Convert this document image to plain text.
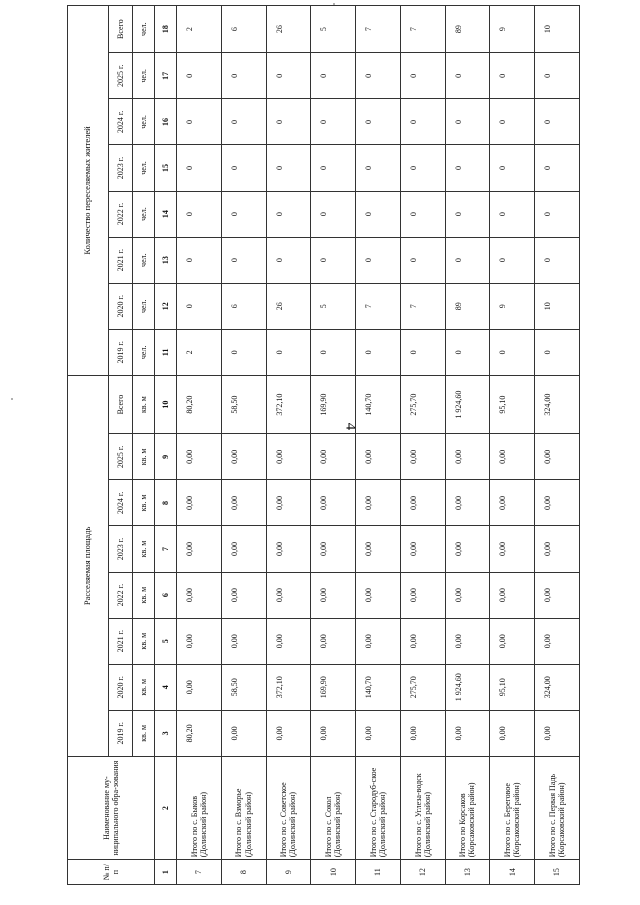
4
№ п/п	Наименование му-ниципального обра-зования	Расселяемая площадь								Количество переселяемых жителей							
		2019 г.	2020 г.	2021 г.	2022 г.	2023 г.	2024 г.	2025 г.	Всего	2019 г.	2020 г.	2021 г.	2022 г.	2023 г.	2024 г.	2025 г.	Всего
		кв. м	кв. м	кв. м	кв. м	кв. м	кв. м	кв. м	кв. м	чел.	чел.	чел.	чел.	чел.	чел.	чел.	чел.
1	2	3	4	5	6	7	8	9	10	11	12	13	14	15	16	17	18
7	Итого по с. Быков (Долинский район)	80,20	0,00	0,00	0,00	0,00	0,00	0,00	80,20	2	0	0	0	0	0	0	2
8	Итого по с. Взморье (Долинский район)	0,00	58,50	0,00	0,00	0,00	0,00	0,00	58,50	0	6	0	0	0	0	0	6
9	Итого по с. Советское (Долинский район)	0,00	372,10	0,00	0,00	0,00	0,00	0,00	372,10	0	26	0	0	0	0	0	26
10	Итого по с. Сокол (Долинский район)	0,00	169,90	0,00	0,00	0,00	0,00	0,00	169,90	0	5	0	0	0	0	0	5
11	Итого по с. Стародуб-ское (Долинский район)	0,00	140,70	0,00	0,00	0,00	0,00	0,00	140,70	0	7	0	0	0	0	0	7
12	Итого по с. Углеза-водск (Долинский район)	0,00	275,70	0,00	0,00	0,00	0,00	0,00	275,70	0	7	0	0	0	0	0	7
13	Итого по Корсаков (Корсаковский район)	0,00	1 924,60	0,00	0,00	0,00	0,00	0,00	1 924,60	0	89	0	0	0	0	0	89
14	Итого по с. Береговое (Корсаковский район)	0,00	95,10	0,00	0,00	0,00	0,00	0,00	95,10	0	9	0	0	0	0	0	9
15	Итого по с. Первая Падь (Корсаковский район)	0,00	324,00	0,00	0,00	0,00	0,00	0,00	324,00	0	10	0	0	0	0	0	10
